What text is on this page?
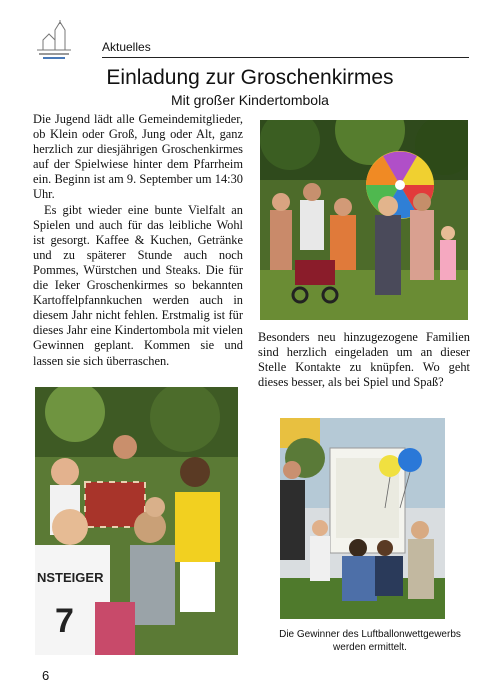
Aktuelles
Einladung zur Groschenkirmes
Mit großer Kindertombola

Die Jugend lädt alle Gemeindemitglieder, ob Klein oder Groß, Jung oder Alt, ganz herzlich zur diesjährigen Groschenkirmes auf der Spielwiese hinter dem Pfarrheim ein. Beginn ist am 9. September um 14:30 Uhr.

Es gibt wieder eine bunte Vielfalt an Spielen und auch für das leibliche Wohl ist gesorgt. Kaffee & Kuchen, Getränke und zu späterer Stunde auch noch Pommes, Würstchen und Steaks. Die für die Ieker Groschenkirmes so bekannten Kartoffelpfannkuchen werden auch in diesem Jahr nicht fehlen. Erstmalig ist für dieses Jahr eine Kindertombola mit vielen Gewinnen geplant. Kommen sie und lassen sie sich überraschen.

Besonders neu hinzugezogene Familien sind herzlich eingeladen um an dieser Stelle Kontakte zu knüpfen. Wo geht dieses besser, als bei Spiel und Spaß?
NSTEIGER
7	Die Gewinner des Luftballonwettgewerbs werden ermittelt.
6
